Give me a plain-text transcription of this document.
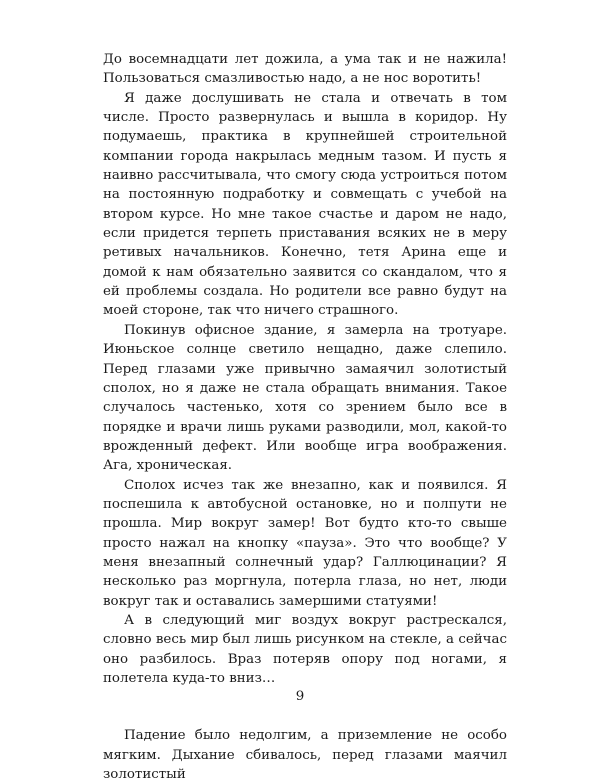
До восемнадцати лет дожила, а ума так и не нажила! Пользоваться смазливостью надо, а не нос воротить!

Я даже дослушивать не стала и отвечать в том числе. Просто развернулась и вышла в коридор. Ну подумаешь, практика в крупнейшей строительной компании города накрылась медным тазом. И пусть я наивно рассчитывала, что смогу сюда устроиться потом на постоянную подработку и совмещать с учебой на втором курсе. Но мне такое счастье и даром не надо, если придется терпеть приставания всяких не в меру ретивых начальников. Конечно, тетя Арина еще и домой к нам обязательно заявится со скандалом, что я ей проблемы создала. Но родители все равно будут на моей стороне, так что ничего страшного.

Покинув офисное здание, я замерла на тротуаре. Июньское солнце светило нещадно, даже слепило. Перед глазами уже привычно замаячил золотистый сполох, но я даже не стала обращать внимания. Такое случалось частенько, хотя со зрением было все в порядке и врачи лишь руками разводили, мол, какой-то врожденный дефект. Или вообще игра воображения. Ага, хроническая.

Сполох исчез так же внезапно, как и появился. Я поспешила к автобусной остановке, но и полпути не прошла. Мир вокруг замер! Вот будто кто-то свыше просто нажал на кнопку «пауза». Это что вообще? У меня внезапный солнечный удар? Галлюцинации? Я несколько раз моргнула, потерла глаза, но нет, люди вокруг так и оставались замершими статуями!

А в следующий миг воздух вокруг растрескался, словно весь мир был лишь рисунком на стекле, а сейчас оно разбилось. Враз потеряв опору под ногами, я полетела куда-то вниз…

Падение было недолгим, а приземление не особо мягким. Дыхание сбивалось, перед глазами маячил золотистый

9
